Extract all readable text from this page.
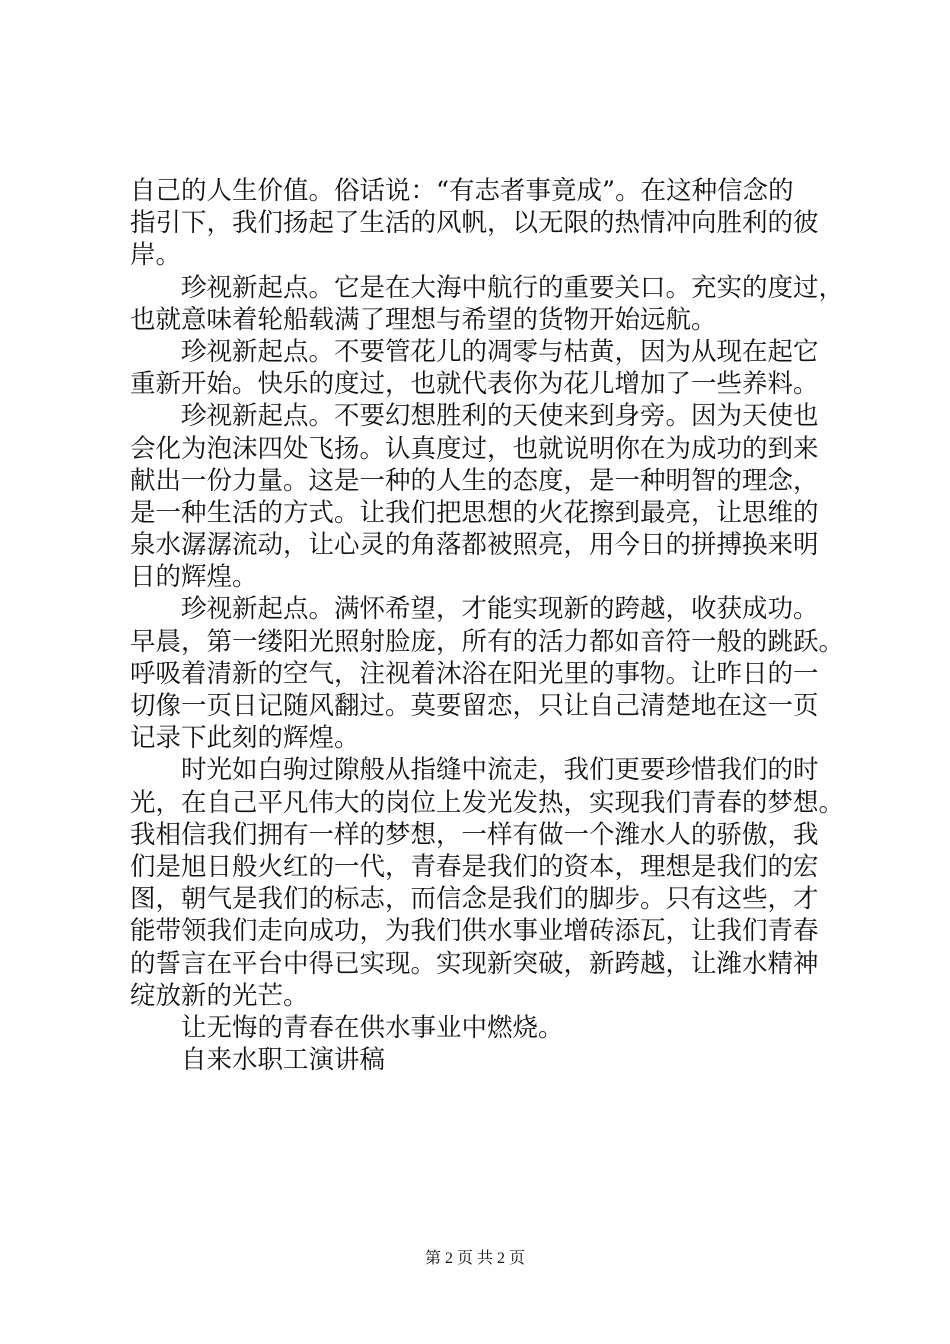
自己的人生价值。俗话说：“有志者事竟成”。在这种信念的
指引下，我们扬起了生活的风帆，以无限的热情冲向胜利的彼
岸。
珍视新起点。它是在大海中航行的重要关口。充实的度过，
也就意味着轮船载满了理想与希望的货物开始远航。
珍视新起点。不要管花儿的凋零与枯黄，因为从现在起它
重新开始。快乐的度过，也就代表你为花儿增加了一些养料。
珍视新起点。不要幻想胜利的天使来到身旁。因为天使也
会化为泡沫四处飞扬。认真度过，也就说明你在为成功的到来
献出一份力量。这是一种的人生的态度，是一种明智的理念，
是一种生活的方式。让我们把思想的火花擦到最亮，让思维的
泉水潺潺流动，让心灵的角落都被照亮，用今日的拼搏换来明
日的辉煌。
珍视新起点。满怀希望，才能实现新的跨越，收获成功。
早晨，第一缕阳光照射脸庞，所有的活力都如音符一般的跳跃。
呼吸着清新的空气，注视着沐浴在阳光里的事物。让昨日的一
切像一页日记随风翻过。莫要留恋，只让自己清楚地在这一页
记录下此刻的辉煌。
时光如白驹过隙般从指缝中流走，我们更要珍惜我们的时
光，在自己平凡伟大的岗位上发光发热，实现我们青春的梦想。
我相信我们拥有一样的梦想，一样有做一个潍水人的骄傲，我
们是旭日般火红的一代，青春是我们的资本，理想是我们的宏
图，朝气是我们的标志，而信念是我们的脚步。只有这些，才
能带领我们走向成功，为我们供水事业增砖添瓦，让我们青春
的誓言在平台中得已实现。实现新突破，新跨越，让潍水精神
绽放新的光芒。
让无悔的青春在供水事业中燃烧。
自来水职工演讲稿
第 2 页 共 2 页
